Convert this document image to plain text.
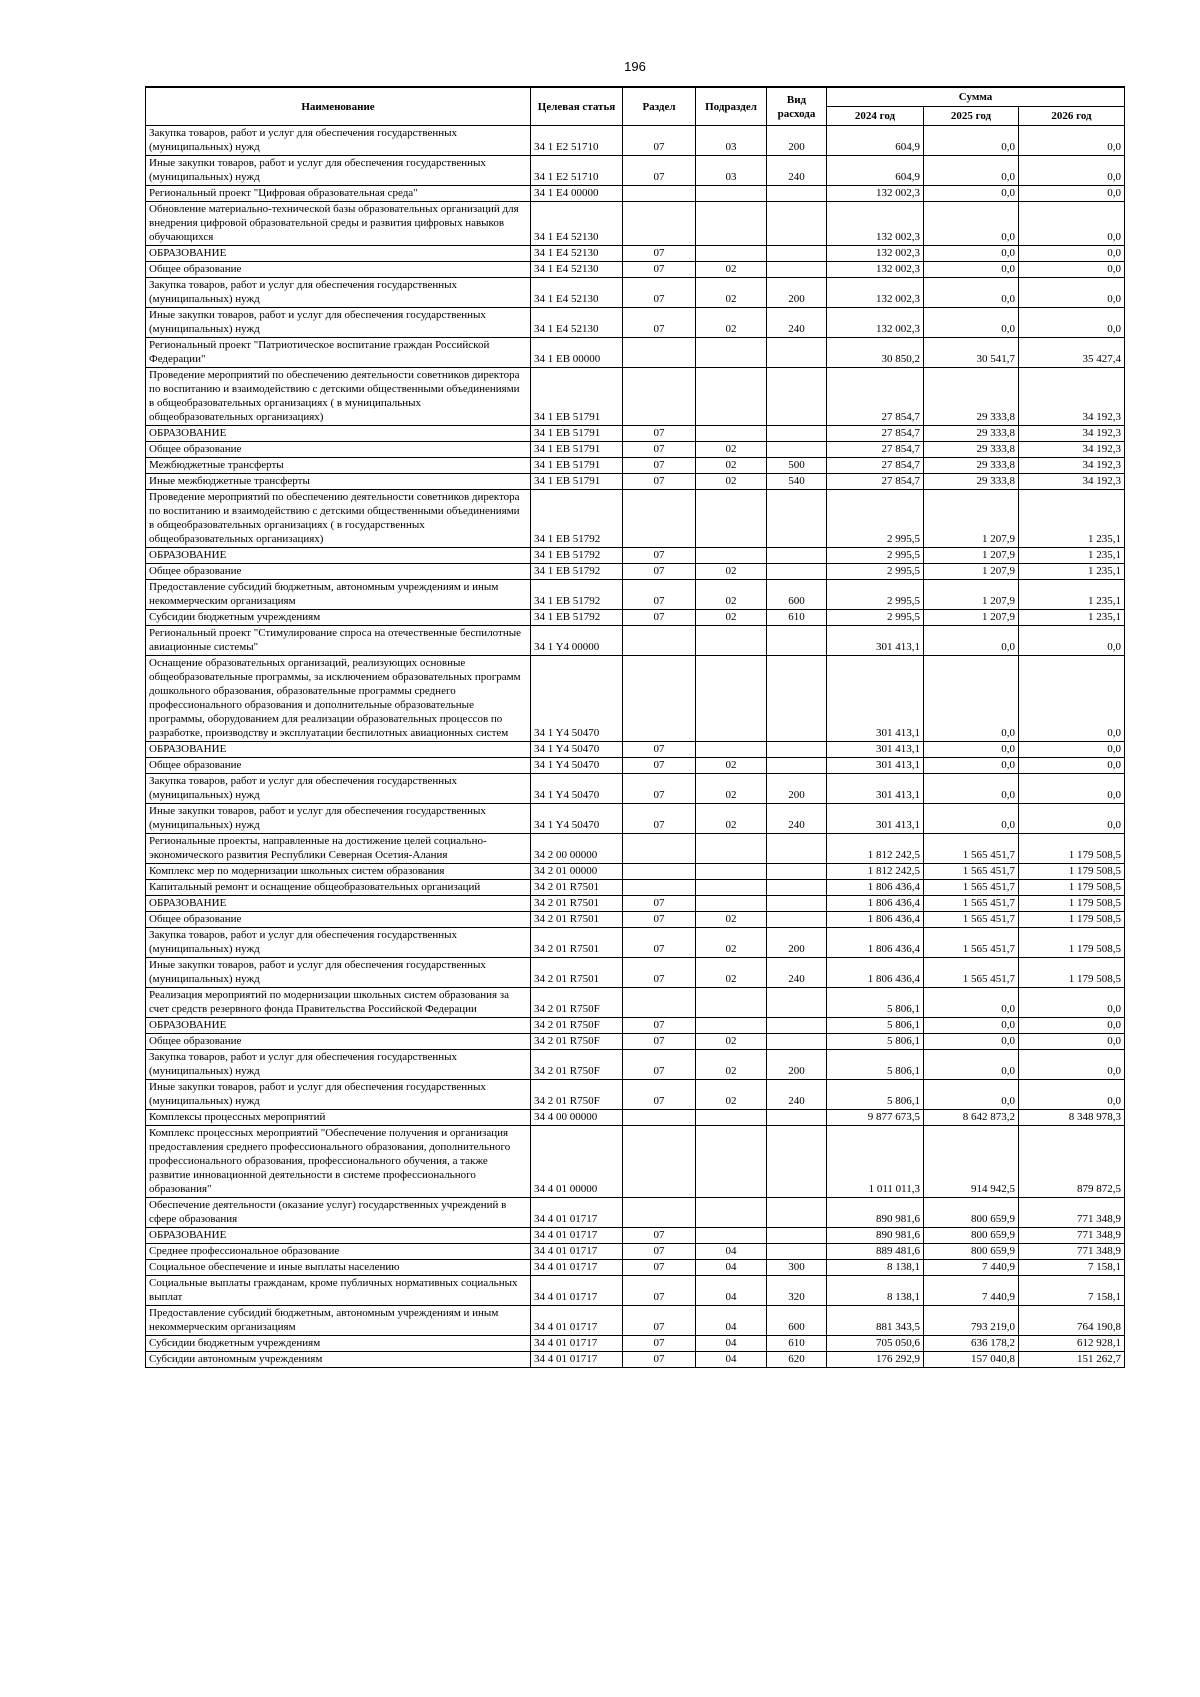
196
Наименование	Целевая статья	Раздел	Подраздел	Вид расхода	Сумма		
					2024 год	2025 год	2026 год
Закупка товаров, работ и услуг для обеспечения государственных (муниципальных) нужд	34 1 E2 51710	07	03	200	604,9	0,0	0,0
Иные закупки товаров, работ и услуг для обеспечения государственных (муниципальных) нужд	34 1 E2 51710	07	03	240	604,9	0,0	0,0
Региональный проект "Цифровая образовательная среда"	34 1 E4 00000				132 002,3	0,0	0,0
Обновление материально-технической базы образовательных организаций для внедрения цифровой образовательной среды и развития цифровых навыков обучающихся	34 1 E4 52130				132 002,3	0,0	0,0
ОБРАЗОВАНИЕ	34 1 E4 52130	07			132 002,3	0,0	0,0
Общее образование	34 1 E4 52130	07	02		132 002,3	0,0	0,0
Закупка товаров, работ и услуг для обеспечения государственных (муниципальных) нужд	34 1 E4 52130	07	02	200	132 002,3	0,0	0,0
Иные закупки товаров, работ и услуг для обеспечения государственных (муниципальных) нужд	34 1 E4 52130	07	02	240	132 002,3	0,0	0,0
Региональный проект "Патриотическое воспитание граждан Российской Федерации"	34 1 EB 00000				30 850,2	30 541,7	35 427,4
Проведение мероприятий по обеспечению деятельности советников директора по воспитанию и взаимодействию с детскими общественными объединениями в общеобразовательных организациях ( в муниципальных общеобразовательных организациях)	34 1 EB 51791				27 854,7	29 333,8	34 192,3
ОБРАЗОВАНИЕ	34 1 EB 51791	07			27 854,7	29 333,8	34 192,3
Общее образование	34 1 EB 51791	07	02		27 854,7	29 333,8	34 192,3
Межбюджетные трансферты	34 1 EB 51791	07	02	500	27 854,7	29 333,8	34 192,3
Иные межбюджетные трансферты	34 1 EB 51791	07	02	540	27 854,7	29 333,8	34 192,3
Проведение мероприятий по обеспечению деятельности советников директора по воспитанию и взаимодействию с детскими общественными объединениями в общеобразовательных организациях ( в государственных общеобразовательных организациях)	34 1 EB 51792				2 995,5	1 207,9	1 235,1
ОБРАЗОВАНИЕ	34 1 EB 51792	07			2 995,5	1 207,9	1 235,1
Общее образование	34 1 EB 51792	07	02		2 995,5	1 207,9	1 235,1
Предоставление субсидий бюджетным, автономным учреждениям и иным некоммерческим организациям	34 1 EB 51792	07	02	600	2 995,5	1 207,9	1 235,1
Субсидии бюджетным учреждениям	34 1 EB 51792	07	02	610	2 995,5	1 207,9	1 235,1
Региональный проект "Стимулирование спроса на отечественные беспилотные авиационные системы"	34 1 Y4 00000				301 413,1	0,0	0,0
Оснащение образовательных организаций, реализующих основные общеобразовательные программы, за исключением образовательных программ дошкольного образования, образовательные программы среднего профессионального образования и дополнительные образовательные программы, оборудованием для реализации образовательных процессов по разработке, производству и эксплуатации беспилотных авиационных систем	34 1 Y4 50470				301 413,1	0,0	0,0
ОБРАЗОВАНИЕ	34 1 Y4 50470	07			301 413,1	0,0	0,0
Общее образование	34 1 Y4 50470	07	02		301 413,1	0,0	0,0
Закупка товаров, работ и услуг для обеспечения государственных (муниципальных) нужд	34 1 Y4 50470	07	02	200	301 413,1	0,0	0,0
Иные закупки товаров, работ и услуг для обеспечения государственных (муниципальных) нужд	34 1 Y4 50470	07	02	240	301 413,1	0,0	0,0
Региональные проекты, направленные на достижение целей социально-экономического развития Республики Северная Осетия-Алания	34 2 00 00000				1 812 242,5	1 565 451,7	1 179 508,5
Комплекс мер по модернизации школьных систем образования	34 2 01 00000				1 812 242,5	1 565 451,7	1 179 508,5
Капитальный ремонт и оснащение общеобразовательных организаций	34 2 01 R7501				1 806 436,4	1 565 451,7	1 179 508,5
ОБРАЗОВАНИЕ	34 2 01 R7501	07			1 806 436,4	1 565 451,7	1 179 508,5
Общее образование	34 2 01 R7501	07	02		1 806 436,4	1 565 451,7	1 179 508,5
Закупка товаров, работ и услуг для обеспечения государственных (муниципальных) нужд	34 2 01 R7501	07	02	200	1 806 436,4	1 565 451,7	1 179 508,5
Иные закупки товаров, работ и услуг для обеспечения государственных (муниципальных) нужд	34 2 01 R7501	07	02	240	1 806 436,4	1 565 451,7	1 179 508,5
Реализация мероприятий по модернизации школьных систем образования за счет средств резервного фонда Правительства Российской Федерации	34 2 01 R750F				5 806,1	0,0	0,0
ОБРАЗОВАНИЕ	34 2 01 R750F	07			5 806,1	0,0	0,0
Общее образование	34 2 01 R750F	07	02		5 806,1	0,0	0,0
Закупка товаров, работ и услуг для обеспечения государственных (муниципальных) нужд	34 2 01 R750F	07	02	200	5 806,1	0,0	0,0
Иные закупки товаров, работ и услуг для обеспечения государственных (муниципальных) нужд	34 2 01 R750F	07	02	240	5 806,1	0,0	0,0
Комплексы процессных мероприятий	34 4 00 00000				9 877 673,5	8 642 873,2	8 348 978,3
Комплекс процессных мероприятий "Обеспечение получения и организация предоставления среднего профессионального образования, дополнительного профессионального образования, профессионального обучения, а также развитие инновационной деятельности в системе профессионального образования"	34 4 01 00000				1 011 011,3	914 942,5	879 872,5
Обеспечение деятельности (оказание услуг) государственных учреждений в сфере образования	34 4 01 01717				890 981,6	800 659,9	771 348,9
ОБРАЗОВАНИЕ	34 4 01 01717	07			890 981,6	800 659,9	771 348,9
Среднее профессиональное образование	34 4 01 01717	07	04		889 481,6	800 659,9	771 348,9
Социальное обеспечение и иные выплаты населению	34 4 01 01717	07	04	300	8 138,1	7 440,9	7 158,1
Социальные выплаты гражданам, кроме публичных нормативных социальных выплат	34 4 01 01717	07	04	320	8 138,1	7 440,9	7 158,1
Предоставление субсидий бюджетным, автономным учреждениям и иным некоммерческим организациям	34 4 01 01717	07	04	600	881 343,5	793 219,0	764 190,8
Субсидии бюджетным учреждениям	34 4 01 01717	07	04	610	705 050,6	636 178,2	612 928,1
Субсидии автономным учреждениям	34 4 01 01717	07	04	620	176 292,9	157 040,8	151 262,7
